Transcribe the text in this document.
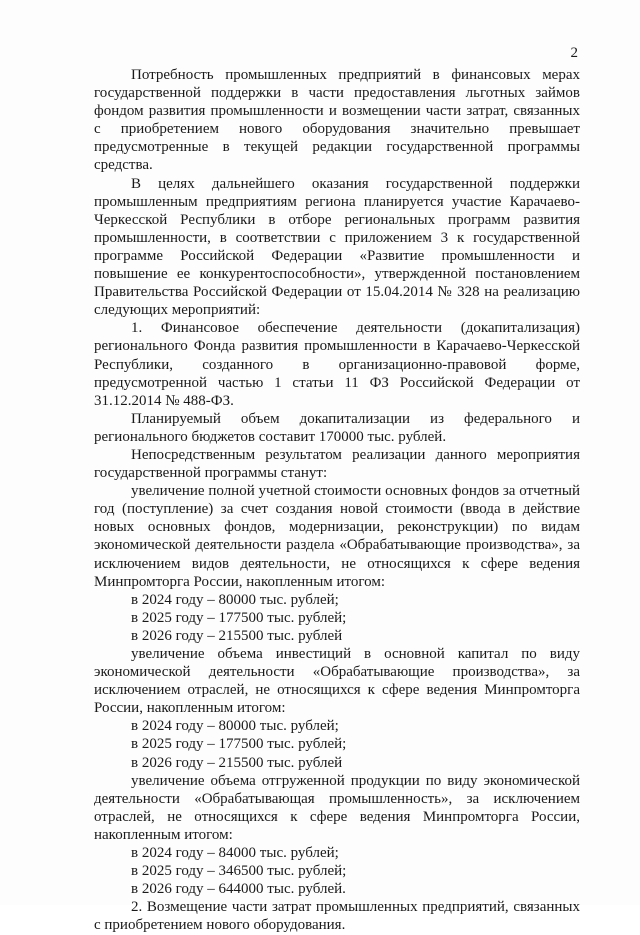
2

Потребность промышленных предприятий в финансовых мерах государственной поддержки в части предоставления льготных займов фондом развития промышленности и возмещении части затрат, связанных с приобретением нового оборудования значительно превышает предусмотренные в текущей редакции государственной программы средства.

В целях дальнейшего оказания государственной поддержки промышленным предприятиям региона планируется участие Карачаево-Черкесской Республики в отборе региональных программ развития промышленности, в соответствии с приложением 3 к государственной программе Российской Федерации «Развитие промышленности и повышение ее конкурентоспособности», утвержденной постановлением Правительства Российской Федерации от 15.04.2014 № 328 на реализацию следующих мероприятий:

1. Финансовое обеспечение деятельности (докапитализация) регионального Фонда развития промышленности в Карачаево-Черкесской Республики, созданного в организационно-правовой форме, предусмотренной частью 1 статьи 11 ФЗ Российской Федерации от 31.12.2014 № 488-ФЗ.

Планируемый объем докапитализации из федерального и регионального бюджетов составит 170000 тыс. рублей.

Непосредственным результатом реализации данного мероприятия государственной программы станут:

увеличение полной учетной стоимости основных фондов за отчетный год (поступление) за счет создания новой стоимости (ввода в действие новых основных фондов, модернизации, реконструкции) по видам экономической деятельности раздела «Обрабатывающие производства», за исключением видов деятельности, не относящихся к сфере ведения Минпромторга России, накопленным итогом:

в 2024 году – 80000 тыс. рублей;

в 2025 году – 177500 тыс. рублей;

в 2026 году – 215500 тыс. рублей

увеличение объема инвестиций в основной капитал по виду экономической деятельности «Обрабатывающие производства», за исключением отраслей, не относящихся к сфере ведения Минпромторга России, накопленным итогом:

в 2024 году – 80000 тыс. рублей;

в 2025 году – 177500 тыс. рублей;

в 2026 году – 215500 тыс. рублей

увеличение объема отгруженной продукции по виду экономической деятельности «Обрабатывающая промышленность», за исключением отраслей, не относящихся к сфере ведения Минпромторга России, накопленным итогом:

в 2024 году – 84000 тыс. рублей;

в 2025 году – 346500 тыс. рублей;

в 2026 году – 644000 тыс. рублей.

2. Возмещение части затрат промышленных предприятий, связанных с приобретением нового оборудования.
